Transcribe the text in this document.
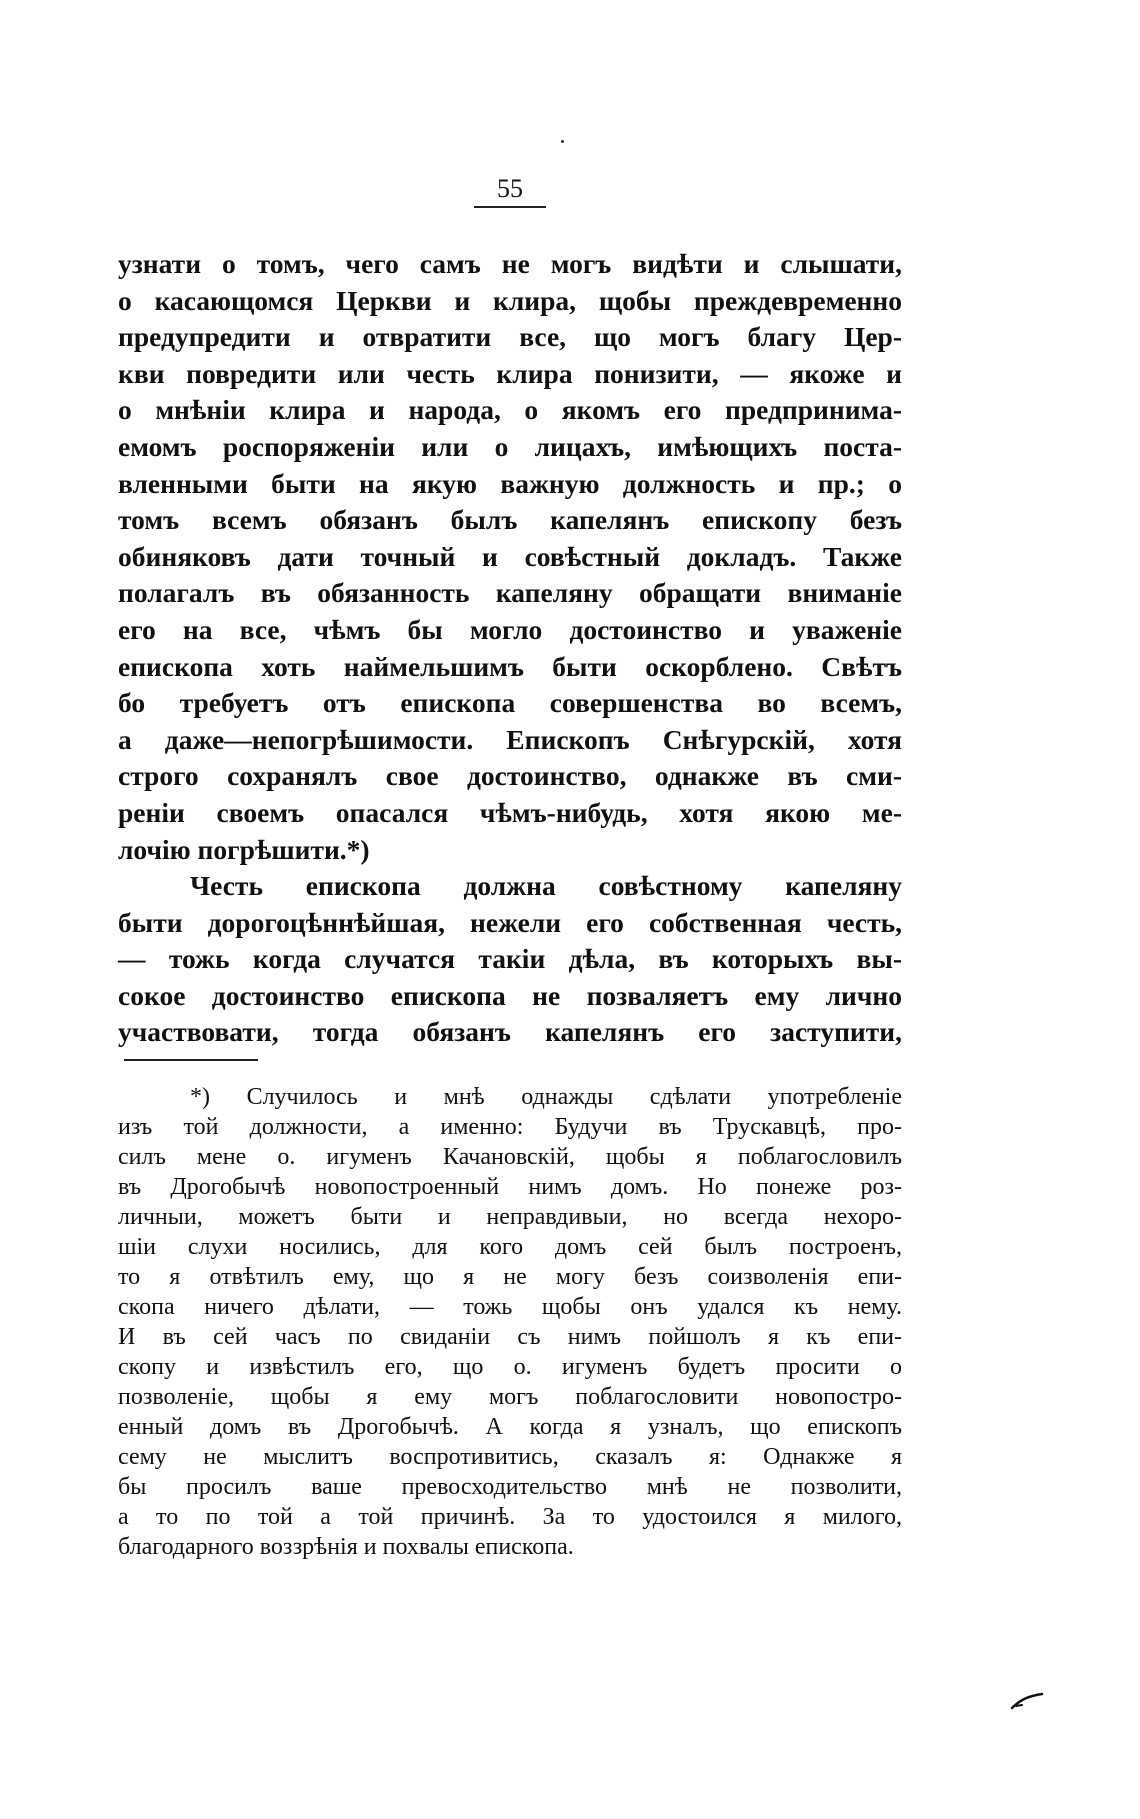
55
узнати о томъ, чего самъ не могъ видѣти и слышати,
о касающомся Церкви и клира, щобы преждевременно
предупредити и отвратити все, що могъ благу Цер-
кви повредити или честь клира понизити, — якоже и
о мнѣніи клира и народа, о якомъ его предпринима-
емомъ роспоряженіи или о лицахъ, имѣющихъ поста-
вленными быти на якую важную должность и пр.; о
томъ всемъ обязанъ былъ капелянъ епископу безъ
обиняковъ дати точный и совѣстный докладъ. Также
полагалъ въ обязанность капеляну обращати вниманіе
его на все, чѣмъ бы могло достоинство и уваженіе
епископа хоть наймельшимъ быти оскорблено. Свѣтъ
бо требуетъ отъ епископа совершенства во всемъ,
а даже—непогрѣшимости. Епископъ Снѣгурскій, хотя
строго сохранялъ свое достоинство, однакже въ сми-
реніи своемъ опасался чѣмъ-нибудь, хотя якою ме-
лочію погрѣшити.*)
Честь епископа должна совѣстному капеляну
быти дорогоцѣннѣйшая, нежели его собственная честь,
— тожь когда случатся такіи дѣла, въ которыхъ вы-
сокое достоинство епископа не позваляетъ ему лично
участвовати, тогда обязанъ капелянъ его заступити,
*) Случилось и мнѣ однажды сдѣлати употребленіе
изъ той должности, а именно: Будучи въ Трускавцѣ, про-
силъ мене о. игуменъ Качановскій, щобы я поблагословилъ
въ Дрогобычѣ новопостроенный нимъ домъ. Но понеже роз-
личныи, можетъ быти и неправдивыи, но всегда нехоро-
шіи слухи носились, для кого домъ сей былъ построенъ,
то я отвѣтилъ ему, що я не могу безъ соизволенія епи-
скопа ничего дѣлати, — тожь щобы онъ удался къ нему.
И въ сей часъ по свиданіи съ нимъ пойшолъ я къ епи-
скопу и извѣстилъ его, що о. игуменъ будетъ просити о
позволеніе, щобы я ему могъ поблагословити новопостро-
енный домъ въ Дрогобычѣ. А когда я узналъ, що епископъ
сему не мыслитъ воспротивитись, сказалъ я: Однакже я
бы просилъ ваше превосходительство мнѣ не позволити,
а то по той а той причинѣ. За то удостоился я милого,
благодарного воззрѣнія и похвалы епископа.
